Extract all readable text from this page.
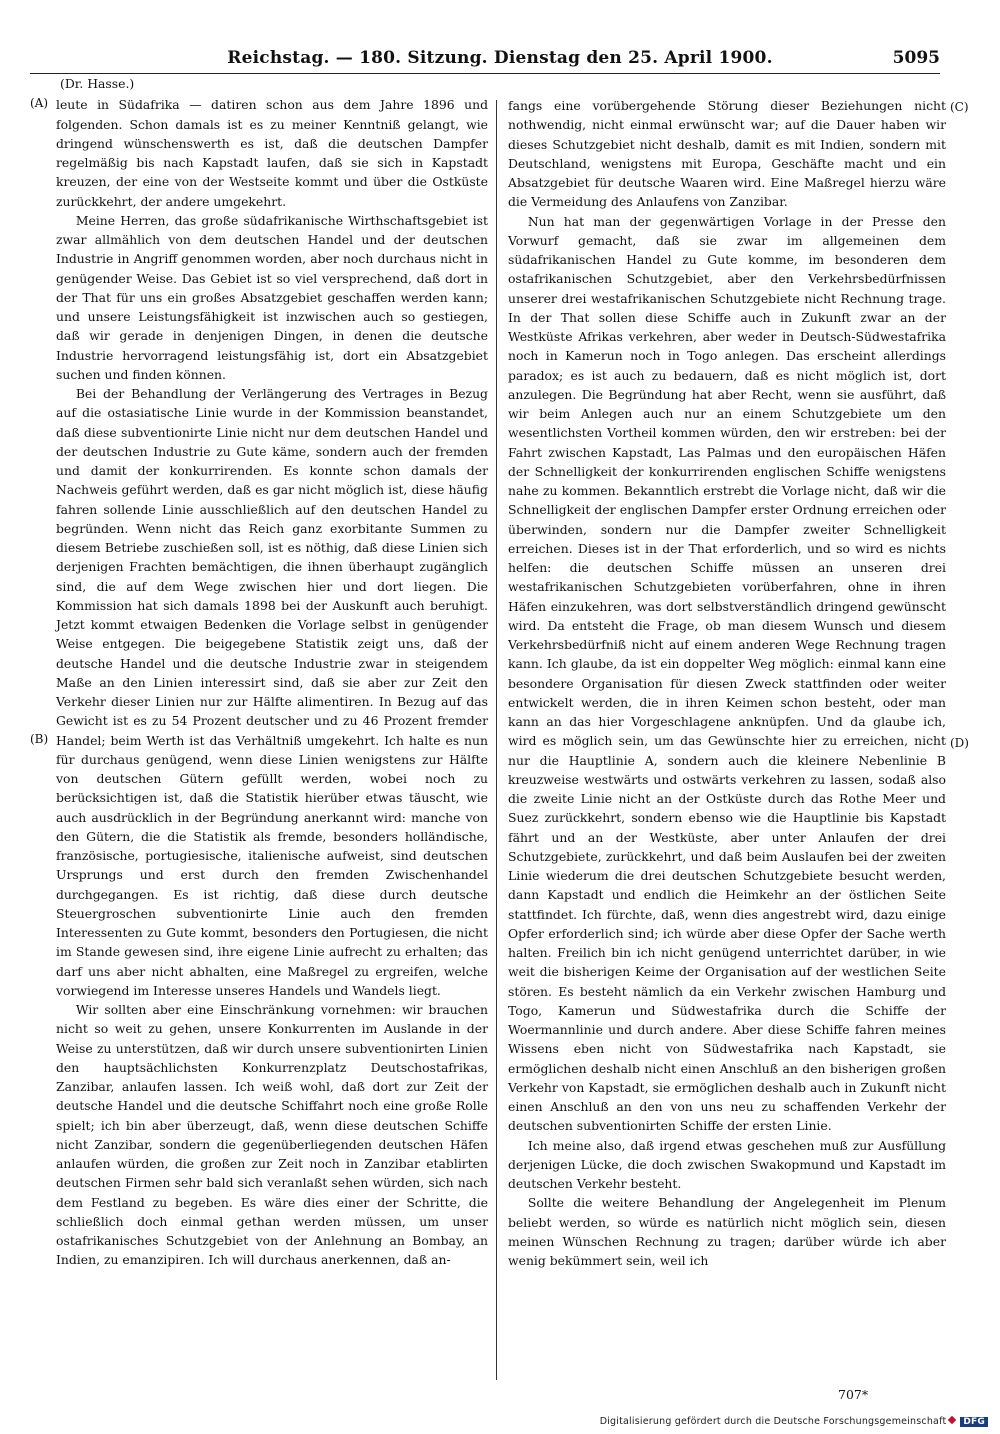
Reichstag. — 180. Sitzung. Dienstag den 25. April 1900.	5095
(A)
(B)
(C)
(D)
(Dr. Hasse.)

leute in Südafrika — datiren schon aus dem Jahre 1896 und folgenden. Schon damals ist es zu meiner Kenntniß gelangt, wie dringend wünschenswerth es ist, daß die deutschen Dampfer regelmäßig bis nach Kapstadt laufen, daß sie sich in Kapstadt kreuzen, der eine von der Westseite kommt und über die Ostküste zurückkehrt, der andere umgekehrt.

Meine Herren, das große südafrikanische Wirthschaftsgebiet ist zwar allmählich von dem deutschen Handel und der deutschen Industrie in Angriff genommen worden, aber noch durchaus nicht in genügender Weise. Das Gebiet ist so viel versprechend, daß dort in der That für uns ein großes Absatzgebiet geschaffen werden kann; und unsere Leistungsfähigkeit ist inzwischen auch so gestiegen, daß wir gerade in denjenigen Dingen, in denen die deutsche Industrie hervorragend leistungsfähig ist, dort ein Absatzgebiet suchen und finden können.

Bei der Behandlung der Verlängerung des Vertrages in Bezug auf die ostasiatische Linie wurde in der Kommission beanstandet, daß diese subventionirte Linie nicht nur dem deutschen Handel und der deutschen Industrie zu Gute käme, sondern auch der fremden und damit der konkurrirenden. Es konnte schon damals der Nachweis geführt werden, daß es gar nicht möglich ist, diese häufig fahren sollende Linie ausschließlich auf den deutschen Handel zu begründen. Wenn nicht das Reich ganz exorbitante Summen zu diesem Betriebe zuschießen soll, ist es nöthig, daß diese Linien sich derjenigen Frachten bemächtigen, die ihnen überhaupt zugänglich sind, die auf dem Wege zwischen hier und dort liegen. Die Kommission hat sich damals 1898 bei der Auskunft auch beruhigt. Jetzt kommt etwaigen Bedenken die Vorlage selbst in genügender Weise entgegen. Die beigegebene Statistik zeigt uns, daß der deutsche Handel und die deutsche Industrie zwar in steigendem Maße an den Linien interessirt sind, daß sie aber zur Zeit den Verkehr dieser Linien nur zur Hälfte alimentiren. In Bezug auf das Gewicht ist es zu 54 Prozent deutscher und zu 46 Prozent fremder Handel; beim Werth ist das Verhältniß umgekehrt. Ich halte es nun für durchaus genügend, wenn diese Linien wenigstens zur Hälfte von deutschen Gütern gefüllt werden, wobei noch zu berücksichtigen ist, daß die Statistik hierüber etwas täuscht, wie auch ausdrücklich in der Begründung anerkannt wird: manche von den Gütern, die die Statistik als fremde, besonders holländische, französische, portugiesische, italienische aufweist, sind deutschen Ursprungs und erst durch den fremden Zwischenhandel durchgegangen. Es ist richtig, daß diese durch deutsche Steuergroschen subventionirte Linie auch den fremden Interessenten zu Gute kommt, besonders den Portugiesen, die nicht im Stande gewesen sind, ihre eigene Linie aufrecht zu erhalten; das darf uns aber nicht abhalten, eine Maßregel zu ergreifen, welche vorwiegend im Interesse unseres Handels und Wandels liegt.

Wir sollten aber eine Einschränkung vornehmen: wir brauchen nicht so weit zu gehen, unsere Konkurrenten im Auslande in der Weise zu unterstützen, daß wir durch unsere subventionirten Linien den hauptsächlichsten Konkurrenzplatz Deutschostafrikas, Zanzibar, anlaufen lassen. Ich weiß wohl, daß dort zur Zeit der deutsche Handel und die deutsche Schiffahrt noch eine große Rolle spielt; ich bin aber überzeugt, daß, wenn diese deutschen Schiffe nicht Zanzibar, sondern die gegenüberliegenden deutschen Häfen anlaufen würden, die großen zur Zeit noch in Zanzibar etablirten deutschen Firmen sehr bald sich veranlaßt sehen würden, sich nach dem Festland zu begeben. Es wäre dies einer der Schritte, die schließlich doch einmal gethan werden müssen, um unser ostafrikanisches Schutzgebiet von der Anlehnung an Bombay, an Indien, zu emanzipiren. Ich will durchaus anerkennen, daß an-

fangs eine vorübergehende Störung dieser Beziehungen nicht nothwendig, nicht einmal erwünscht war; auf die Dauer haben wir dieses Schutzgebiet nicht deshalb, damit es mit Indien, sondern mit Deutschland, wenigstens mit Europa, Geschäfte macht und ein Absatzgebiet für deutsche Waaren wird. Eine Maßregel hierzu wäre die Vermeidung des Anlaufens von Zanzibar.

Nun hat man der gegenwärtigen Vorlage in der Presse den Vorwurf gemacht, daß sie zwar im allgemeinen dem südafrikanischen Handel zu Gute komme, im besonderen dem ostafrikanischen Schutzgebiet, aber den Verkehrsbedürfnissen unserer drei westafrikanischen Schutzgebiete nicht Rechnung trage. In der That sollen diese Schiffe auch in Zukunft zwar an der Westküste Afrikas verkehren, aber weder in Deutsch-Südwestafrika noch in Kamerun noch in Togo anlegen. Das erscheint allerdings paradox; es ist auch zu bedauern, daß es nicht möglich ist, dort anzulegen. Die Begründung hat aber Recht, wenn sie ausführt, daß wir beim Anlegen auch nur an einem Schutzgebiete um den wesentlichsten Vortheil kommen würden, den wir erstreben: bei der Fahrt zwischen Kapstadt, Las Palmas und den europäischen Häfen der Schnelligkeit der konkurrirenden englischen Schiffe wenigstens nahe zu kommen. Bekanntlich erstrebt die Vorlage nicht, daß wir die Schnelligkeit der englischen Dampfer erster Ordnung erreichen oder überwinden, sondern nur die Dampfer zweiter Schnelligkeit erreichen. Dieses ist in der That erforderlich, und so wird es nichts helfen: die deutschen Schiffe müssen an unseren drei westafrikanischen Schutzgebieten vorüberfahren, ohne in ihren Häfen einzukehren, was dort selbstverständlich dringend gewünscht wird. Da entsteht die Frage, ob man diesem Wunsch und diesem Verkehrsbedürfniß nicht auf einem anderen Wege Rechnung tragen kann. Ich glaube, da ist ein doppelter Weg möglich: einmal kann eine besondere Organisation für diesen Zweck stattfinden oder weiter entwickelt werden, die in ihren Keimen schon besteht, oder man kann an das hier Vorgeschlagene anknüpfen. Und da glaube ich, wird es möglich sein, um das Gewünschte hier zu erreichen, nicht nur die Hauptlinie A, sondern auch die kleinere Nebenlinie B kreuzweise westwärts und ostwärts verkehren zu lassen, sodaß also die zweite Linie nicht an der Ostküste durch das Rothe Meer und Suez zurückkehrt, sondern ebenso wie die Hauptlinie bis Kapstadt fährt und an der Westküste, aber unter Anlaufen der drei Schutzgebiete, zurückkehrt, und daß beim Auslaufen bei der zweiten Linie wiederum die drei deutschen Schutzgebiete besucht werden, dann Kapstadt und endlich die Heimkehr an der östlichen Seite stattfindet. Ich fürchte, daß, wenn dies angestrebt wird, dazu einige Opfer erforderlich sind; ich würde aber diese Opfer der Sache werth halten. Freilich bin ich nicht genügend unterrichtet darüber, in wie weit die bisherigen Keime der Organisation auf der westlichen Seite stören. Es besteht nämlich da ein Verkehr zwischen Hamburg und Togo, Kamerun und Südwestafrika durch die Schiffe der Woermannlinie und durch andere. Aber diese Schiffe fahren meines Wissens eben nicht von Südwestafrika nach Kapstadt, sie ermöglichen deshalb nicht einen Anschluß an den bisherigen großen Verkehr von Kapstadt, sie ermöglichen deshalb auch in Zukunft nicht einen Anschluß an den von uns neu zu schaffenden Verkehr der deutschen subventionirten Schiffe der ersten Linie.

Ich meine also, daß irgend etwas geschehen muß zur Ausfüllung derjenigen Lücke, die doch zwischen Swakopmund und Kapstadt im deutschen Verkehr besteht.

Sollte die weitere Behandlung der Angelegenheit im Plenum beliebt werden, so würde es natürlich nicht möglich sein, diesen meinen Wünschen Rechnung zu tragen; darüber würde ich aber wenig bekümmert sein, weil ich

707*
Digitalisierung gefördert durch die Deutsche Forschungsgemeinschaft DFG
